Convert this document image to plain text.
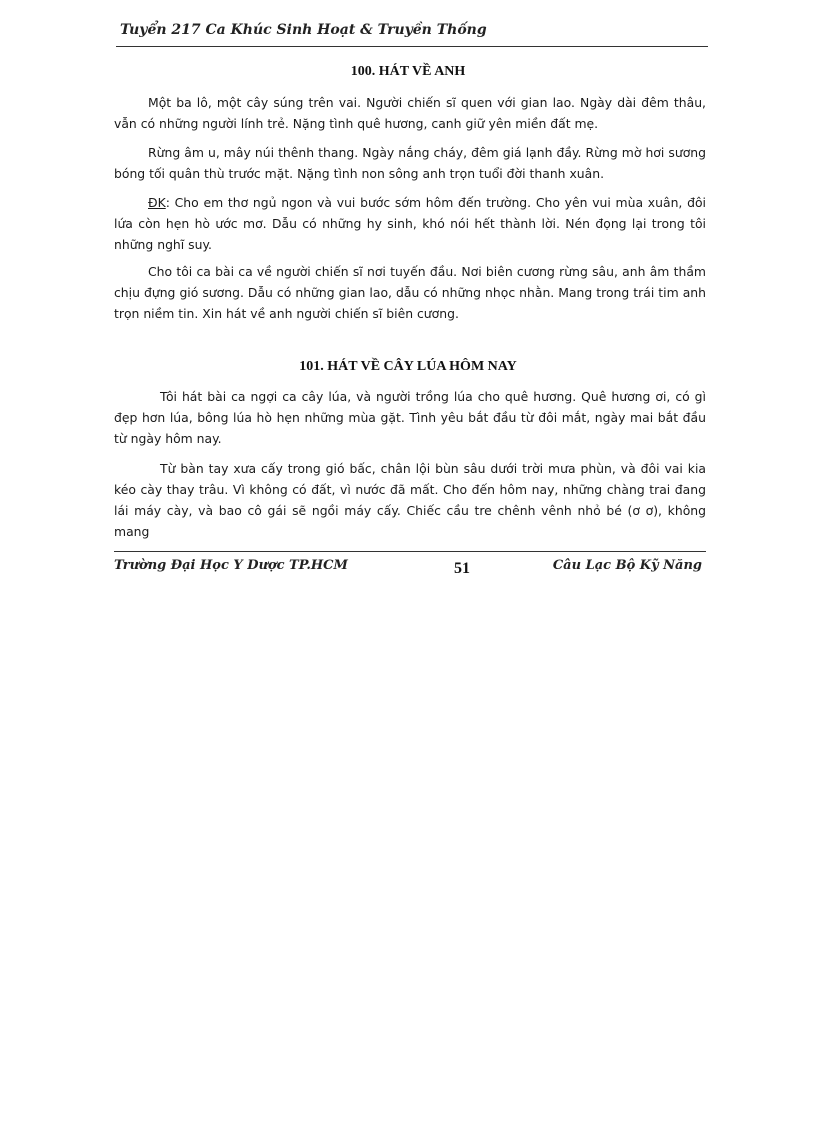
Tuyển 217 Ca Khúc Sinh Hoạt & Truyền Thống
100. HÁT VỀ ANH

Một ba lô, một cây súng trên vai. Người chiến sĩ quen với gian lao. Ngày dài đêm thâu, vẫn có những người lính trẻ. Nặng tình quê hương, canh giữ yên miền đất mẹ.

Rừng âm u, mây núi thênh thang. Ngày nắng cháy, đêm giá lạnh đầy. Rừng mờ hơi sương bóng tối quân thù trước mặt. Nặng tình non sông anh trọn tuổi đời thanh xuân.

ĐK: Cho em thơ ngủ ngon và vui bước sớm hôm đến trường. Cho yên vui mùa xuân, đôi lứa còn hẹn hò ước mơ. Dẫu có những hy sinh, khó nói hết thành lời. Nén đọng lại trong tôi những nghĩ suy.

Cho tôi ca bài ca về người chiến sĩ nơi tuyến đầu. Nơi biên cương rừng sâu, anh âm thầm chịu đựng gió sương. Dẫu có những gian lao, dẫu có những nhọc nhằn. Mang trong trái tim anh trọn niềm tin. Xin hát về anh người chiến sĩ biên cương.

101. HÁT VỀ CÂY LÚA HÔM NAY

Tôi hát bài ca ngợi ca cây lúa, và người trồng lúa cho quê hương. Quê hương ơi, có gì đẹp hơn lúa, bông lúa hò hẹn những mùa gặt. Tình yêu bắt đầu từ đôi mắt, ngày mai bắt đầu từ ngày hôm nay.

Từ bàn tay xưa cấy trong gió bấc, chân lội bùn sâu dưới trời mưa phùn, và đôi vai kia kéo cày thay trâu. Vì không có đất, vì nước đã mất. Cho đến hôm nay, những chàng trai đang lái máy cày, và bao cô gái sẽ ngồi máy cấy. Chiếc cầu tre chênh vênh nhỏ bé (ơ ơ), không mang

Trường Đại Học Y Dược TP.HCM	51	Câu Lạc Bộ Kỹ Năng
